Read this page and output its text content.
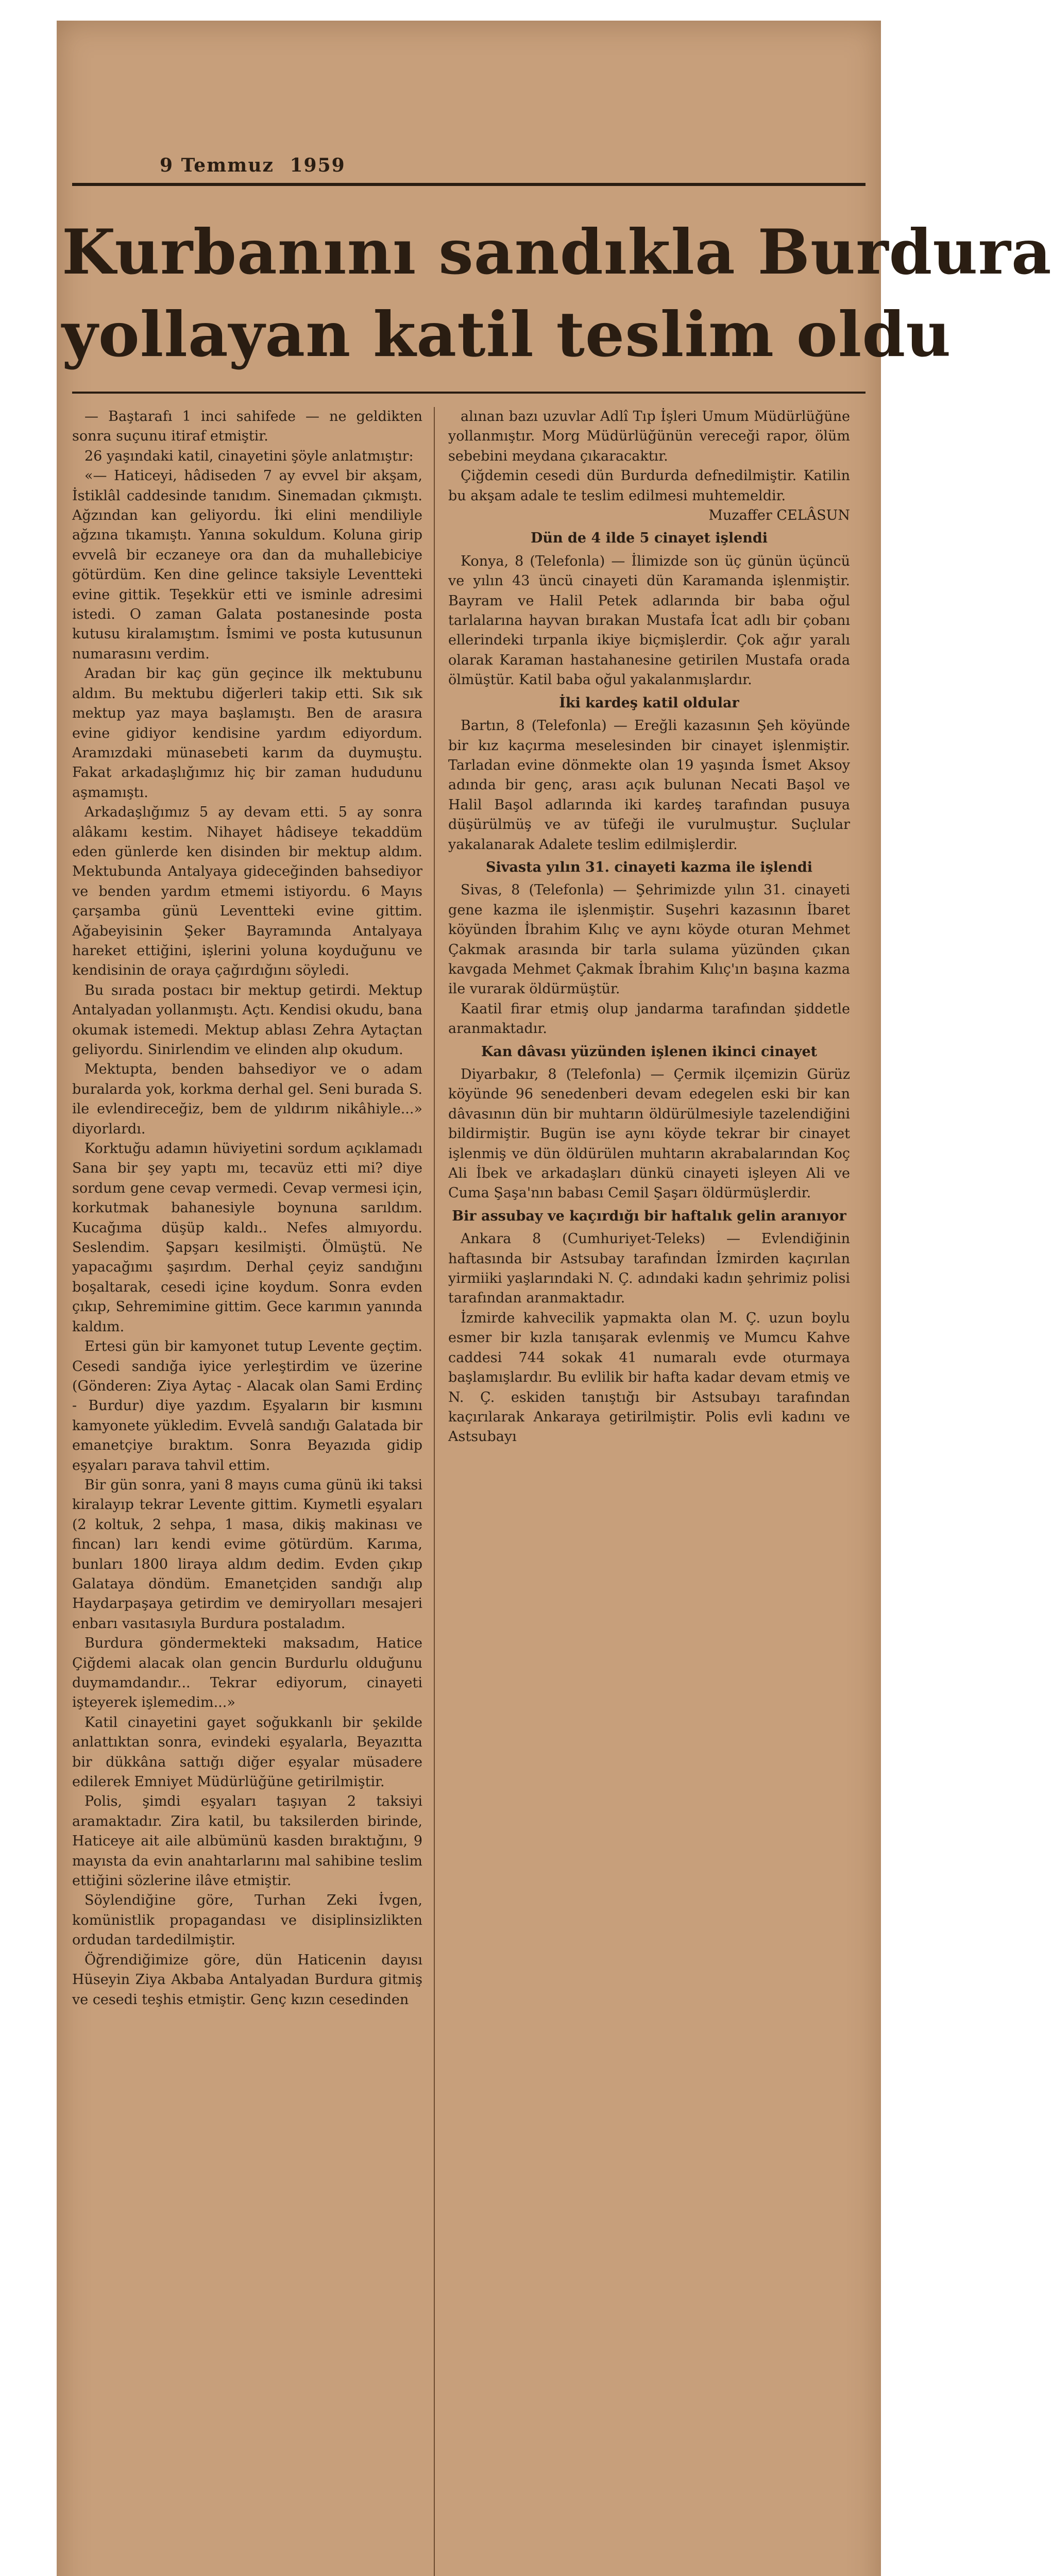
9 Temmuz 1959
Kurbanını sandıkla Burdura
yollayan katil teslim oldu

— Baştarafı 1 inci sahifede — ne geldikten sonra suçunu itiraf etmiştir.

26 yaşındaki katil, cinayetini şöyle anlatmıştır:

«— Haticeyi, hâdiseden 7 ay evvel bir akşam, İstiklâl caddesinde tanıdım. Sinemadan çıkmıştı. Ağzından kan geliyordu. İki elini mendiliyle ağzına tıkamıştı. Yanına sokuldum. Koluna girip evvelâ bir eczaneye ora dan da muhallebiciye götürdüm. Ken dine gelince taksiyle Leventteki evine gittik. Teşekkür etti ve isminle adresimi istedi. O zaman Galata postanesinde posta kutusu kiralamıştım. İsmimi ve posta kutusunun numarasını verdim.

Aradan bir kaç gün geçince ilk mektubunu aldım. Bu mektubu diğerleri takip etti. Sık sık mektup yaz maya başlamıştı. Ben de arasıra evine gidiyor kendisine yardım ediyordum. Aramızdaki münasebeti karım da duymuştu. Fakat arkadaşlığımız hiç bir zaman hududunu aşmamıştı.

Arkadaşlığımız 5 ay devam etti. 5 ay sonra alâkamı kestim. Nihayet hâdiseye tekaddüm eden günlerde ken disinden bir mektup aldım. Mektubunda Antalyaya gideceğinden bahsediyor ve benden yardım etmemi istiyordu. 6 Mayıs çarşamba günü Leventteki evine gittim. Ağabeyisinin Şeker Bayramında Antalyaya hareket ettiğini, işlerini yoluna koyduğunu ve kendisinin de oraya çağırdığını söyledi.

Bu sırada postacı bir mektup getirdi. Mektup Antalyadan yollanmıştı. Açtı. Kendisi okudu, bana okumak istemedi. Mektup ablası Zehra Aytaçtan geliyordu. Sinirlendim ve elinden alıp okudum.

Mektupta, benden bahsediyor ve o adam buralarda yok, korkma derhal gel. Seni burada S. ile evlendireceğiz, bem de yıldırım nikâhiyle...» diyorlardı.

Korktuğu adamın hüviyetini sordum açıklamadı Sana bir şey yaptı mı, tecavüz etti mi? diye sordum gene cevap vermedi. Cevap vermesi için, korkutmak bahanesiyle boynuna sarıldım. Kucağıma düşüp kaldı.. Nefes almıyordu. Seslendim. Şapşarı kesilmişti. Ölmüştü. Ne yapacağımı şaşırdım. Derhal çeyiz sandığını boşaltarak, cesedi içine koydum. Sonra evden çıkıp, Sehremimine gittim. Gece karımın yanında kaldım.

Ertesi gün bir kamyonet tutup Levente geçtim. Cesedi sandığa iyice yerleştirdim ve üzerine (Gönderen: Ziya Aytaç - Alacak olan Sami Erdinç - Burdur) diye yazdım. Eşyaların bir kısmını kamyonete yükledim. Evvelâ sandığı Galatada bir emanetçiye bıraktım. Sonra Beyazıda gidip eşyaları parava tahvil ettim.

Bir gün sonra, yani 8 mayıs cuma günü iki taksi kiralayıp tekrar Levente gittim. Kıymetli eşyaları (2 koltuk, 2 sehpa, 1 masa, dikiş makinası ve fincan) ları kendi evime götürdüm. Karıma, bunları 1800 liraya aldım dedim. Evden çıkıp Galataya döndüm. Emanetçiden sandığı alıp Haydarpaşaya getirdim ve demiryolları mesajeri enbarı vasıtasıyla Burdura postaladım.

Burdura göndermekteki maksadım, Hatice Çiğdemi alacak olan gencin Burdurlu olduğunu duymamdandır... Tekrar ediyorum, cinayeti işteyerek işlemedim...»

Katil cinayetini gayet soğukkanlı bir şekilde anlattıktan sonra, evindeki eşyalarla, Beyazıtta bir dükkâna sattığı diğer eşyalar müsadere edilerek Emniyet Müdürlüğüne getirilmiştir.

Polis, şimdi eşyaları taşıyan 2 taksiyi aramaktadır. Zira katil, bu taksilerden birinde, Haticeye ait aile albümünü kasden bıraktığını, 9 mayısta da evin anahtarlarını mal sahibine teslim ettiğini sözlerine ilâve etmiştir.

Söylendiğine göre, Turhan Zeki İvgen, komünistlik propagandası ve disiplinsizlikten ordudan tardedilmiştir.

Öğrendiğimize göre, dün Haticenin dayısı Hüseyin Ziya Akbaba Antalyadan Burdura gitmiş ve cesedi teşhis etmiştir. Genç kızın cesedinden

alınan bazı uzuvlar Adlî Tıp İşleri Umum Müdürlüğüne yollanmıştır. Morg Müdürlüğünün vereceği rapor, ölüm sebebini meydana çıkaracaktır.

Çiğdemin cesedi dün Burdurda defnedilmiştir. Katilin bu akşam adale te teslim edilmesi muhtemeldir.

Muzaffer CELÂSUN

Dün de 4 ilde 5 cinayet işlendi

Konya, 8 (Telefonla) — İlimizde son üç günün üçüncü ve yılın 43 üncü cinayeti dün Karamanda işlenmiştir. Bayram ve Halil Petek adlarında bir baba oğul tarlalarına hayvan bırakan Mustafa İcat adlı bir çobanı ellerindeki tırpanla ikiye biçmişlerdir. Çok ağır yaralı olarak Karaman hastahanesine getirilen Mustafa orada ölmüştür. Katil baba oğul yakalanmışlardır.

İki kardeş katil oldular

Bartın, 8 (Telefonla) — Ereğli kazasının Şeh köyünde bir kız kaçırma meselesinden bir cinayet işlenmiştir. Tarladan evine dönmekte olan 19 yaşında İsmet Aksoy adında bir genç, arası açık bulunan Necati Başol ve Halil Başol adlarında iki kardeş tarafından pusuya düşürülmüş ve av tüfeği ile vurulmuştur. Suçlular yakalanarak Adalete teslim edilmişlerdir.

Sivasta yılın 31. cinayeti kazma ile işlendi

Sivas, 8 (Telefonla) — Şehrimizde yılın 31. cinayeti gene kazma ile işlenmiştir. Suşehri kazasının İbaret köyünden İbrahim Kılıç ve aynı köyde oturan Mehmet Çakmak arasında bir tarla sulama yüzünden çıkan kavgada Mehmet Çakmak İbrahim Kılıç'ın başına kazma ile vurarak öldürmüştür.

Kaatil firar etmiş olup jandarma tarafından şiddetle aranmaktadır.

Kan dâvası yüzünden işlenen ikinci cinayet

Diyarbakır, 8 (Telefonla) — Çermik ilçemizin Gürüz köyünde 96 senedenberi devam edegelen eski bir kan dâvasının dün bir muhtarın öldürülmesiyle tazelendiğini bildirmiştir. Bugün ise aynı köyde tekrar bir cinayet işlenmiş ve dün öldürülen muhtarın akrabalarından Koç Ali İbek ve arkadaşları dünkü cinayeti işleyen Ali ve Cuma Şaşa'nın babası Cemil Şaşarı öldürmüşlerdir.

Bir assubay ve kaçırdığı bir haftalık gelin aranıyor

Ankara 8 (Cumhuriyet-Teleks) — Evlendiğinin haftasında bir Astsubay tarafından İzmirden kaçırılan yirmiiki yaşlarındaki N. Ç. adındaki kadın şehrimiz polisi tarafından aranmaktadır.

İzmirde kahvecilik yapmakta olan M. Ç. uzun boylu esmer bir kızla tanışarak evlenmiş ve Mumcu Kahve caddesi 744 sokak 41 numaralı evde oturmaya başlamışlardır. Bu evlilik bir hafta kadar devam etmiş ve N. Ç. eskiden tanıştığı bir Astsubayı tarafından kaçırılarak Ankaraya getirilmiştir. Polis evli kadını ve Astsubayı
